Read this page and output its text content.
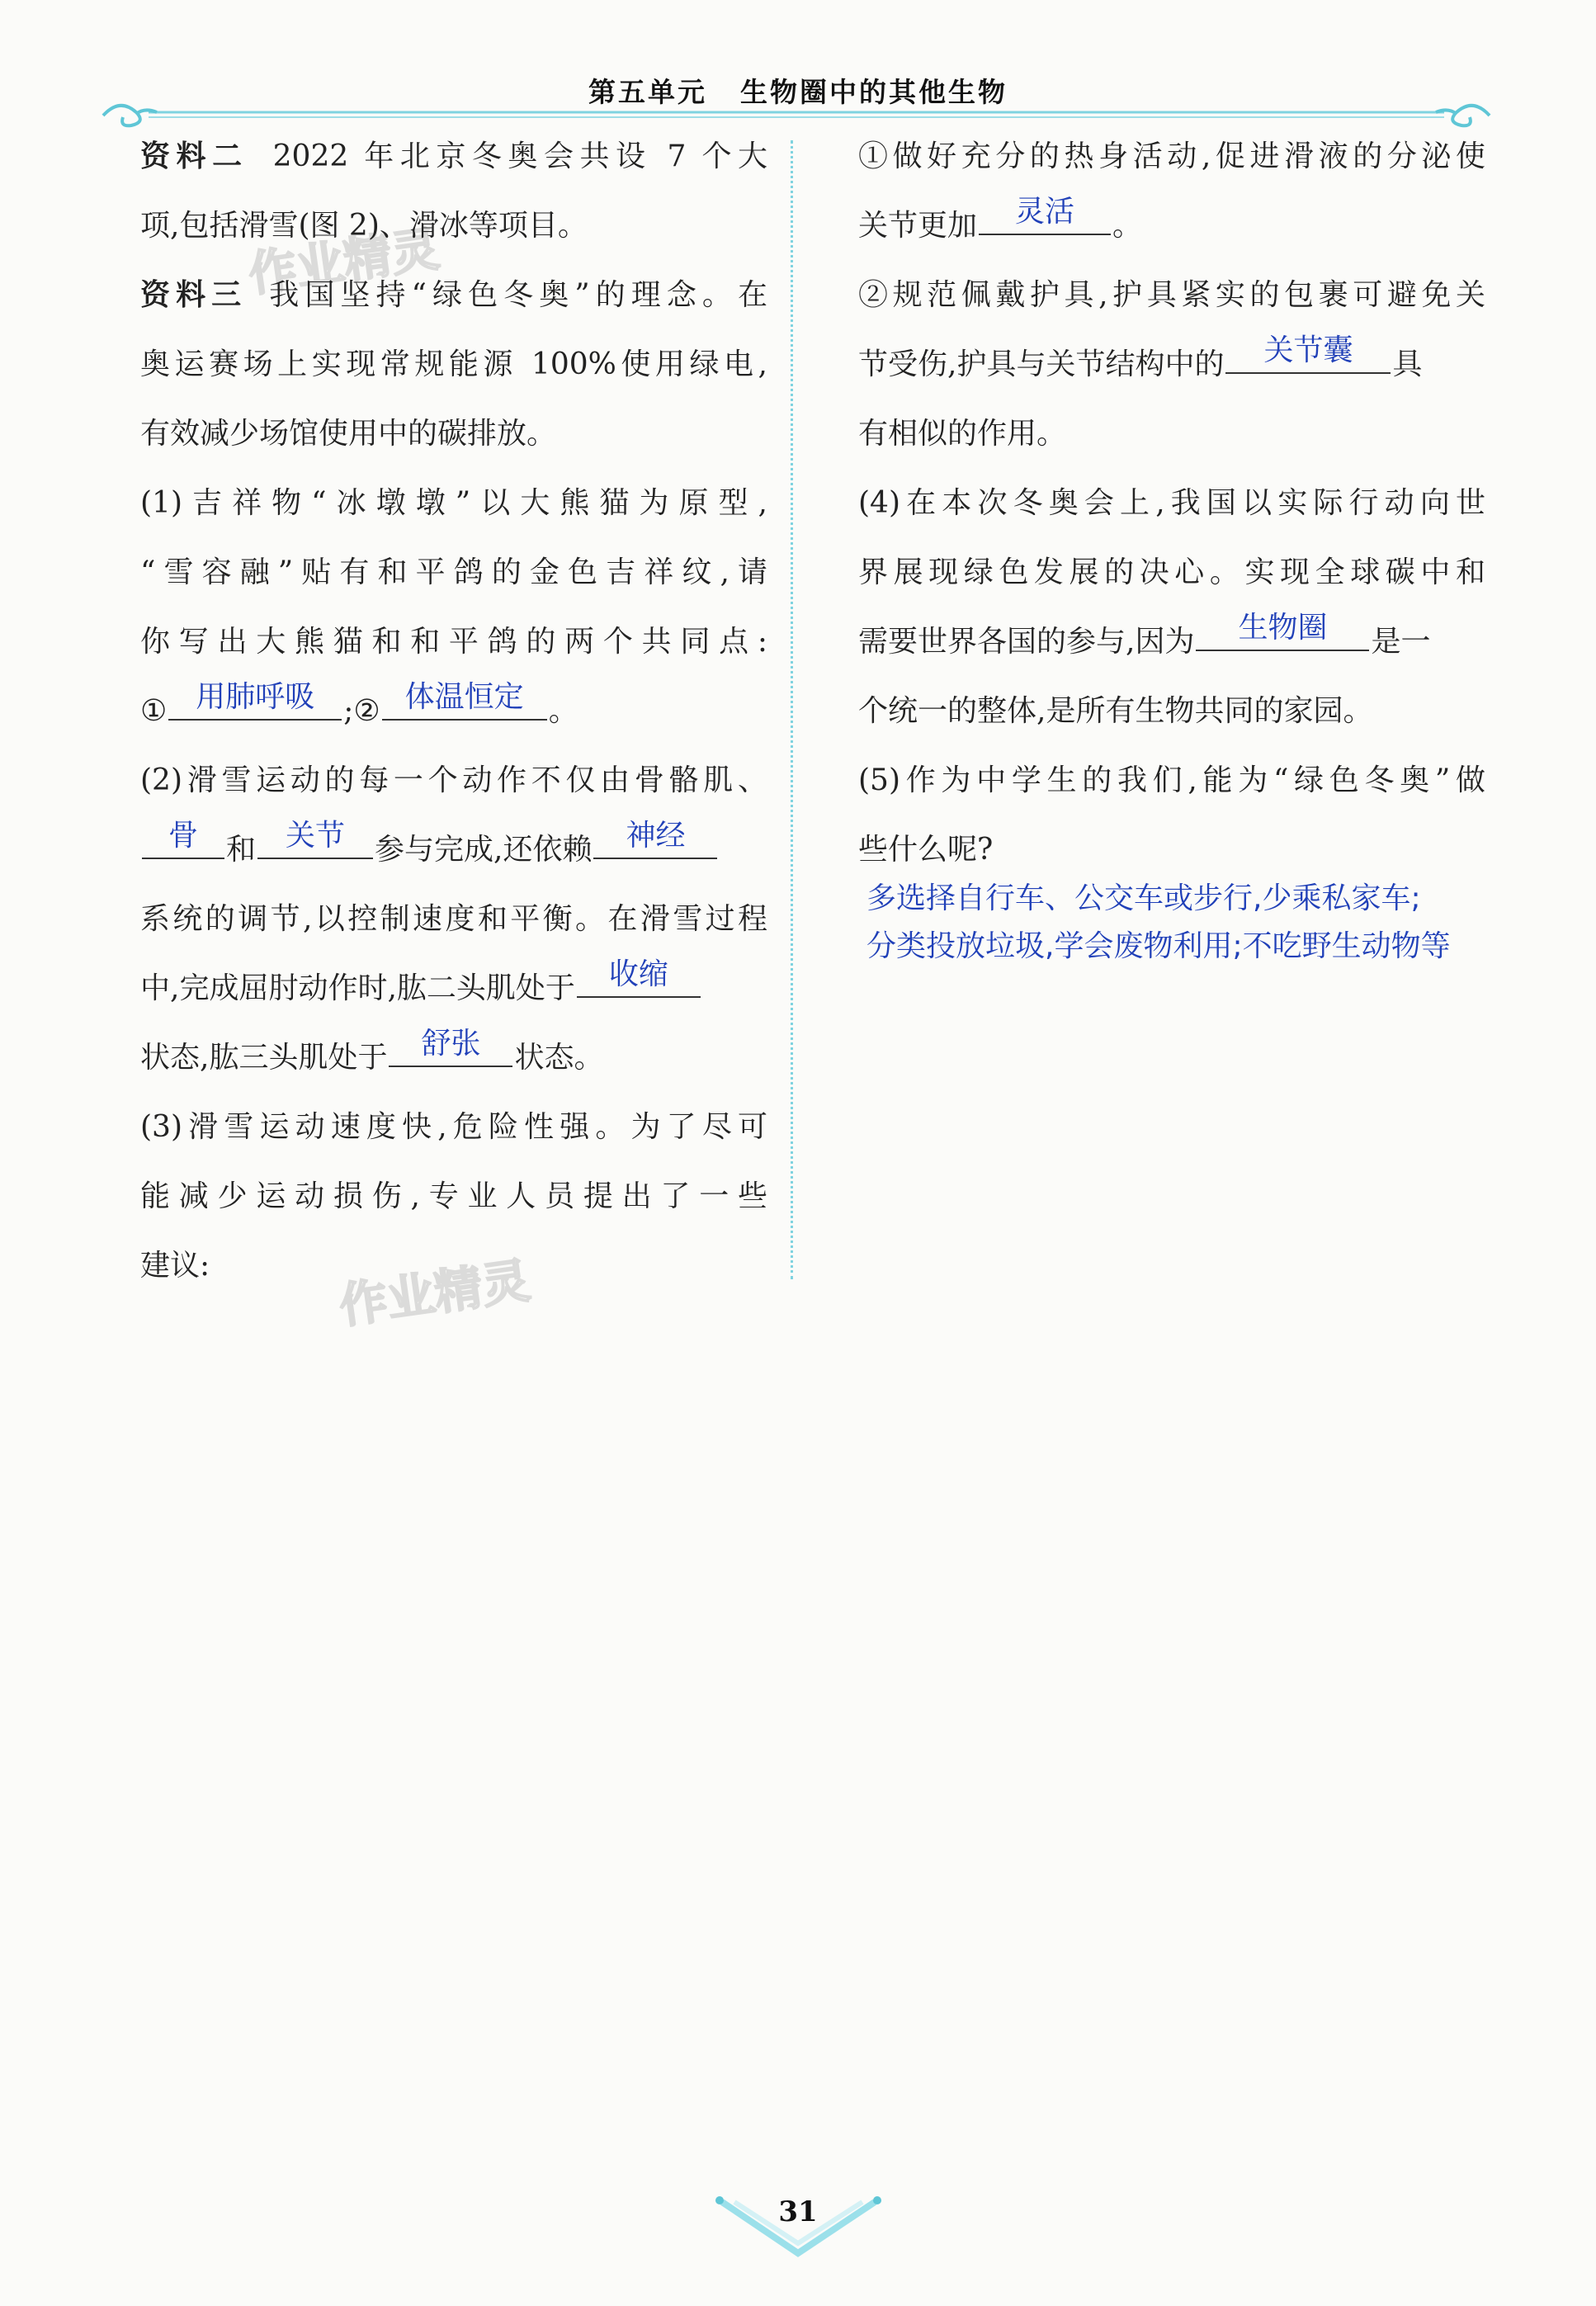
第五单元 生物圈中的其他生物
作业精灵
作业精灵
资料二 2022 年北京冬奥会共设 7 个大
项,包括滑雪(图 2)、滑冰等项目。
资料三 我国坚持“绿色冬奥”的理念。在
奥运赛场上实现常规能源 100%使用绿电,
有效减少场馆使用中的碳排放。
(1)吉祥物“冰墩墩”以大熊猫为原型,
“雪容融”贴有和平鸽的金色吉祥纹,请
你写出大熊猫和和平鸽的两个共同点:
① 用肺呼吸 ;② 体温恒定 。
(2)滑雪运动的每一个动作不仅由骨骼肌、
骨 和 关节	参与完成,还依赖	神经
系统的调节,以控制速度和平衡。在滑雪过程
中,完成屈肘动作时,肱二头肌处于	收缩
状态,肱三头肌处于	舒张	状态。
(3)滑雪运动速度快,危险性强。为了尽可
能减少运动损伤,专业人员提出了一些
建议:
①做好充分的热身活动,促进滑液的分泌使
关节更加	灵活	。
②规范佩戴护具,护具紧实的包裹可避免关
节受伤,护具与关节结构中的	关节囊	具
有相似的作用。
(4)在本次冬奥会上,我国以实际行动向世
界展现绿色发展的决心。实现全球碳中和
需要世界各国的参与,因为	生物圈	是一
个统一的整体,是所有生物共同的家园。
(5)作为中学生的我们,能为“绿色冬奥”做
些什么呢?
多选择自行车、公交车或步行,少乘私家车;
分类投放垃圾,学会废物利用;不吃野生动物等
31
